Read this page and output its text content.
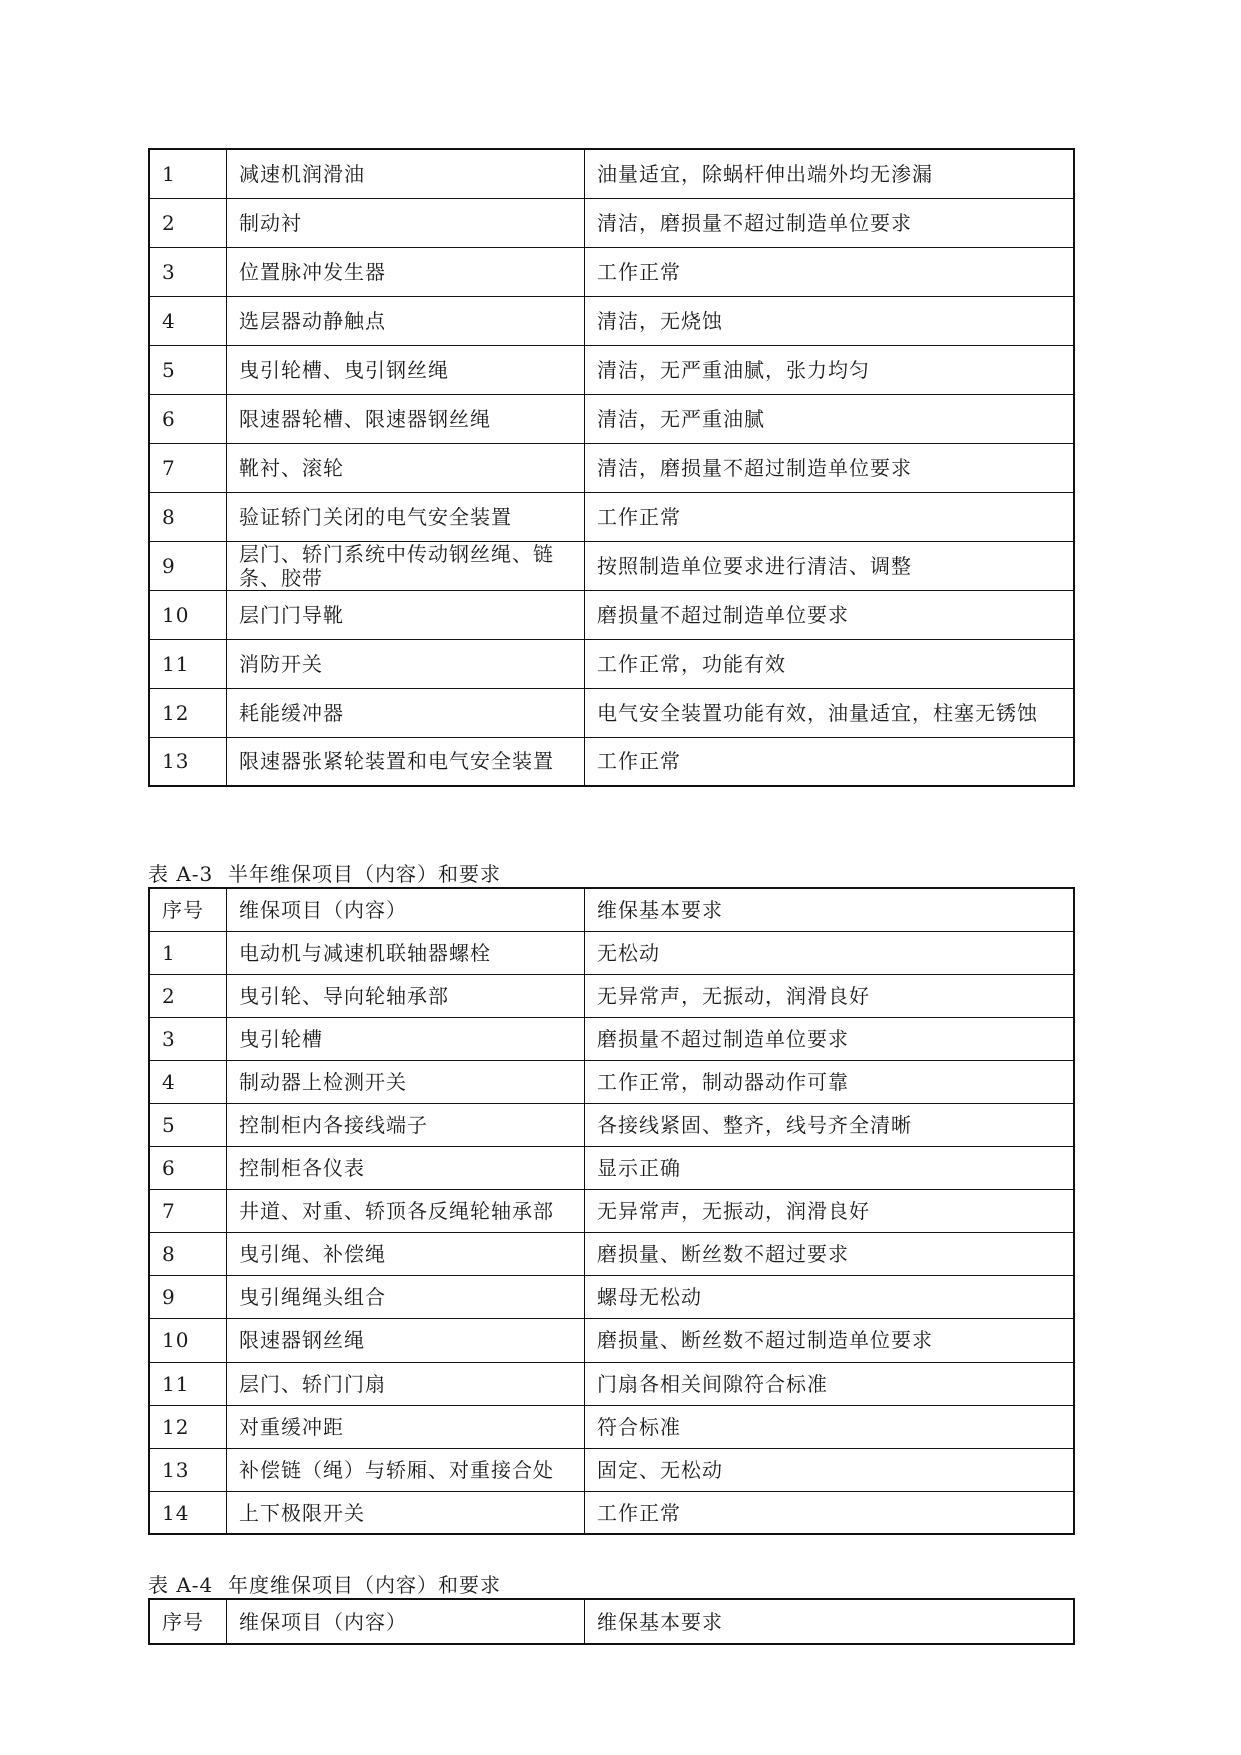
1	减速机润滑油	油量适宜，除蜗杆伸出端外均无渗漏
2	制动衬	清洁，磨损量不超过制造单位要求
3	位置脉冲发生器	工作正常
4	选层器动静触点	清洁，无烧蚀
5	曳引轮槽、曳引钢丝绳	清洁，无严重油腻，张力均匀
6	限速器轮槽、限速器钢丝绳	清洁，无严重油腻
7	靴衬、滚轮	清洁，磨损量不超过制造单位要求
8	验证轿门关闭的电气安全装置	工作正常
9	层门、轿门系统中传动钢丝绳、链条、胶带	按照制造单位要求进行清洁、调整
10	层门门导靴	磨损量不超过制造单位要求
11	消防开关	工作正常，功能有效
12	耗能缓冲器	电气安全装置功能有效，油量适宜，柱塞无锈蚀
13	限速器张紧轮装置和电气安全装置	工作正常
表 A-3  半年维保项目（内容）和要求
序号	维保项目（内容）	维保基本要求
1	电动机与减速机联轴器螺栓	无松动
2	曳引轮、导向轮轴承部	无异常声，无振动，润滑良好
3	曳引轮槽	磨损量不超过制造单位要求
4	制动器上检测开关	工作正常，制动器动作可靠
5	控制柜内各接线端子	各接线紧固、整齐，线号齐全清晰
6	控制柜各仪表	显示正确
7	井道、对重、轿顶各反绳轮轴承部	无异常声，无振动，润滑良好
8	曳引绳、补偿绳	磨损量、断丝数不超过要求
9	曳引绳绳头组合	螺母无松动
10	限速器钢丝绳	磨损量、断丝数不超过制造单位要求
11	层门、轿门门扇	门扇各相关间隙符合标准
12	对重缓冲距	符合标准
13	补偿链（绳）与轿厢、对重接合处	固定、无松动
14	上下极限开关	工作正常
表 A-4  年度维保项目（内容）和要求
序号	维保项目（内容）	维保基本要求
